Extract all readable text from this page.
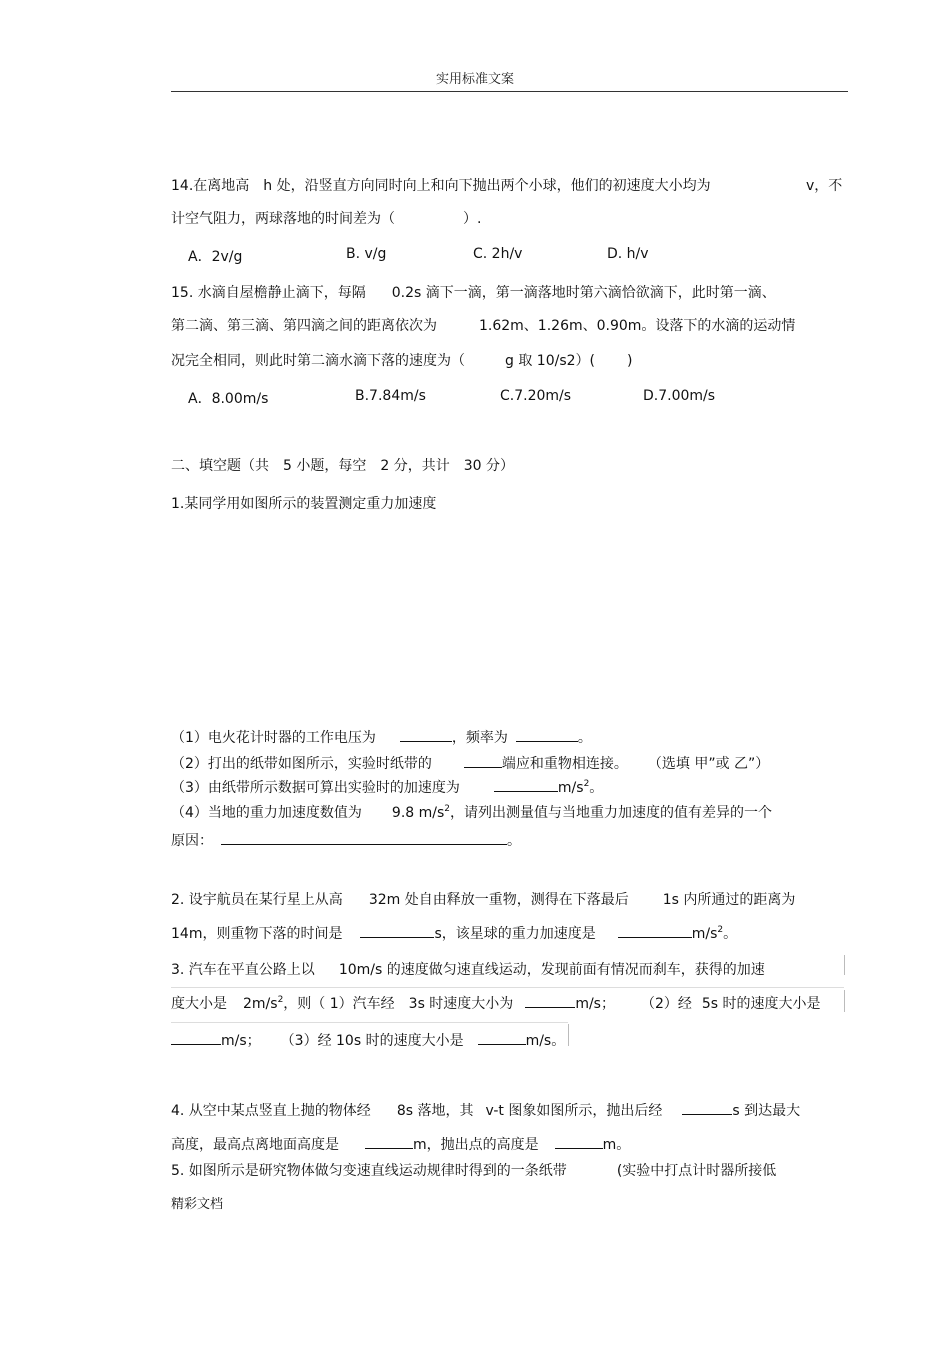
实用标准文案
14.在离地高 h 处，沿竖直方向同时向上和向下抛出两个小球，他们的初速度大小均为	v，不
计空气阻力，两球落地的时间差为（	）.
A．2v/g	B. v/g	C. 2h/v	D. h/v
15. 水滴自屋檐静止滴下，每隔 0.2s 滴下一滴，第一滴落地时第六滴恰欲滴下，此时第一滴、
第二滴、第三滴、第四滴之间的距离依次为	1.62m、1.26m、0.90m。设落下的水滴的运动情
况完全相同，则此时第二滴水滴下落的速度为（	g 取 10/s2）( )
A．8.00m/s	B.7.84m/s	C.7.20m/s	D.7.00m/s
二、填空题（共 5 小题，每空 2 分，共计 30 分）
1.某同学用如图所示的装置测定重力加速度
（1）电火花计时器的工作电压为	，频率为	。
（2）打出的纸带如图所示，实验时纸带的	端应和重物相连接。 （选填 甲”或 乙”）
（3）由纸带所示数据可算出实验时的加速度为	$m/s^2$。
（4）当地的重力加速度数值为 9.8 $m/s^2$，请列出测量值与当地重力加速度的值有差异的一个
原因：	。
2. 设宇航员在某行星上从高 32m 处自由释放一重物，测得在下落最后 1s 内所通过的距离为
14m，则重物下落的时间是	s，该星球的重力加速度是	$m/s^2$。
3. 汽车在平直公路上以 10m/s 的速度做匀速直线运动，发现前面有情况而刹车，获得的加速
度大小是 $2m/s^2$，则（ 1）汽车经 3s 时速度大小为	m/s； （2）经 5s 时的速度大小是
m/s； （3）经 10s 时的速度大小是	m/s。
4. 从空中某点竖直上抛的物体经 8s 落地，其 v-t 图象如图所示，抛出后经	s 到达最大
高度，最高点离地面高度是	m，抛出点的高度是	m。
5. 如图所示是研究物体做匀变速直线运动规律时得到的一条纸带	(实验中打点计时器所接低
精彩文档
